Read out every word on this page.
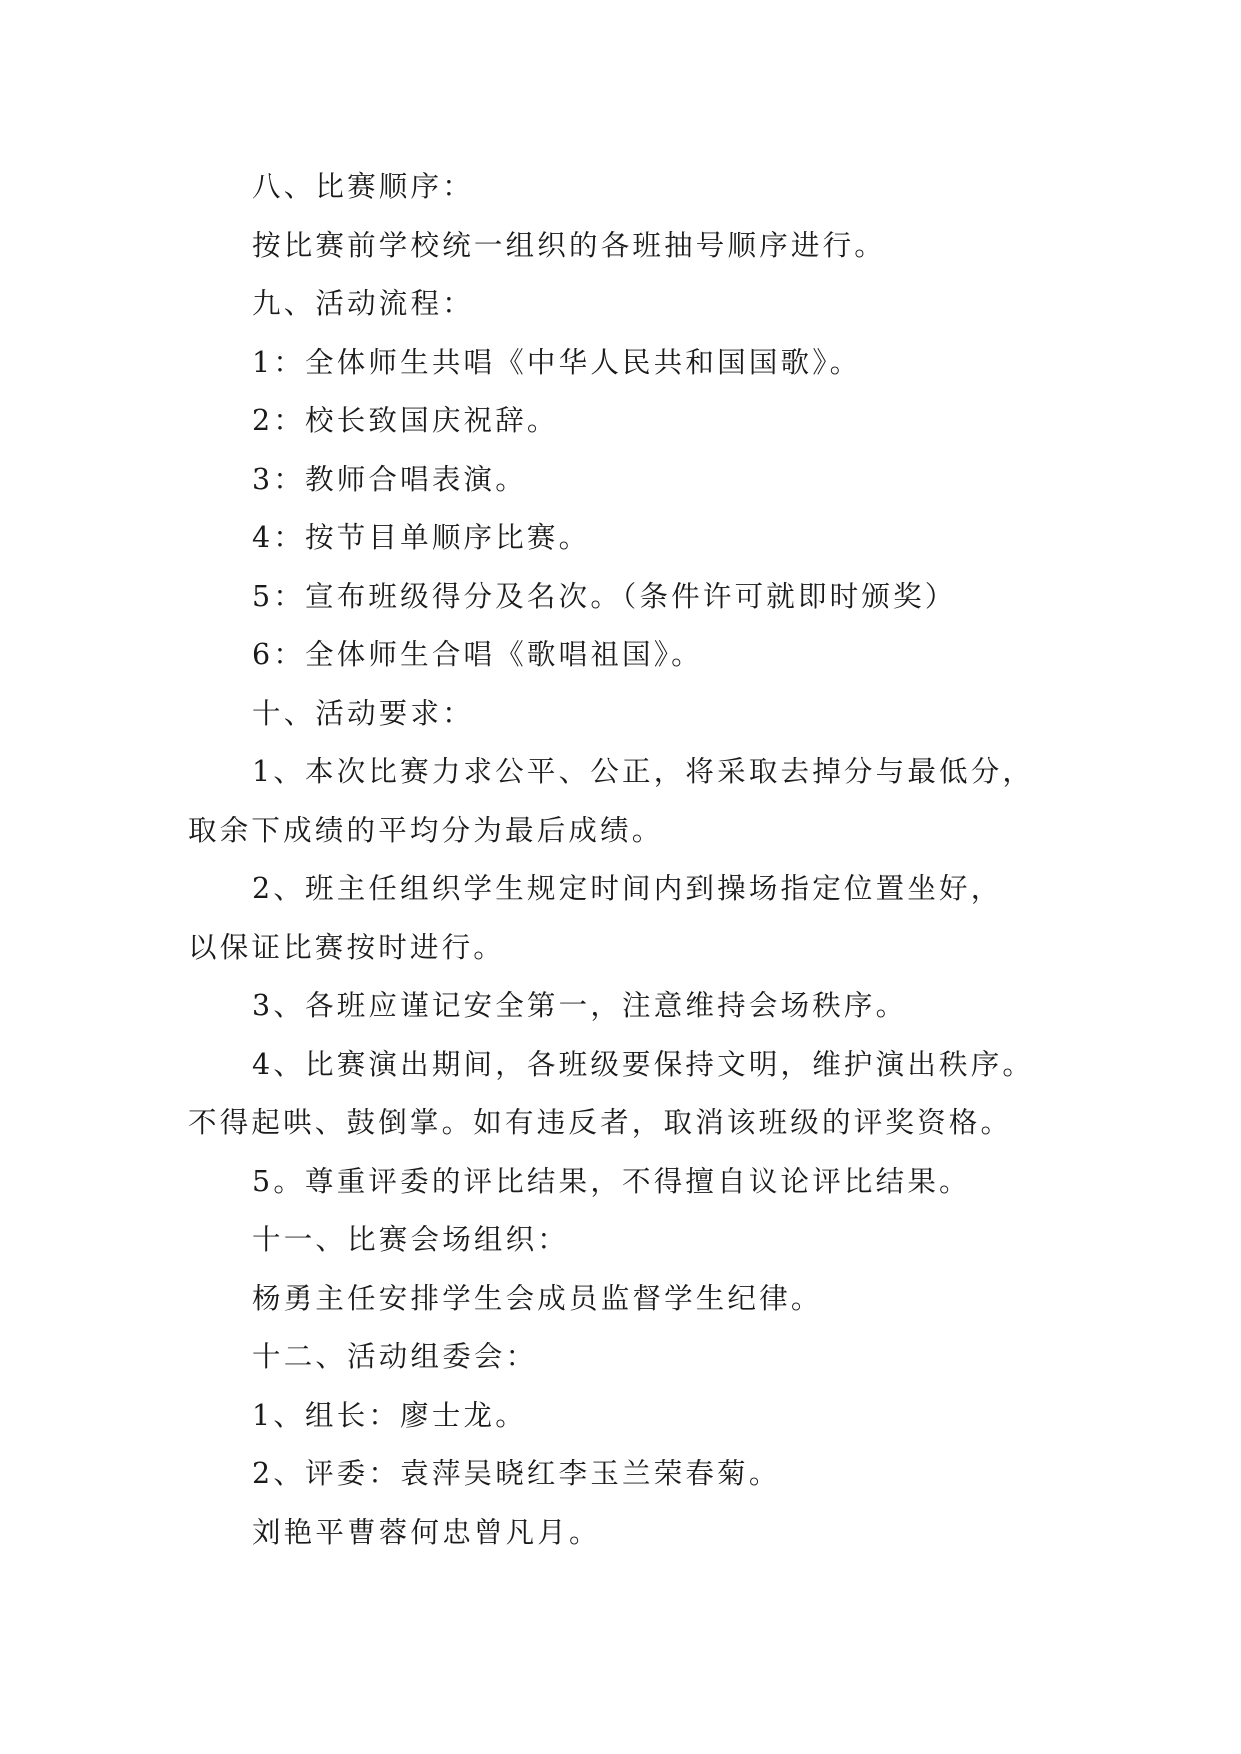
八、比赛顺序：

按比赛前学校统一组织的各班抽号顺序进行。

九、活动流程：

1：全体师生共唱《中华人民共和国国歌》。

2：校长致国庆祝辞。

3：教师合唱表演。

4：按节目单顺序比赛。

5：宣布班级得分及名次。（条件许可就即时颁奖）

6：全体师生合唱《歌唱祖国》。

十、活动要求：

1、本次比赛力求公平、公正，将采取去掉分与最低分，

取余下成绩的平均分为最后成绩。

2、班主任组织学生规定时间内到操场指定位置坐好，

以保证比赛按时进行。

3、各班应谨记安全第一，注意维持会场秩序。

4、比赛演出期间，各班级要保持文明，维护演出秩序。

不得起哄、鼓倒掌。如有违反者，取消该班级的评奖资格。

5。尊重评委的评比结果，不得擅自议论评比结果。

十一、比赛会场组织：

杨勇主任安排学生会成员监督学生纪律。

十二、活动组委会：

1、组长：廖士龙。

2、评委：袁萍吴晓红李玉兰荣春菊。

刘艳平曹蓉何忠曾凡月。
